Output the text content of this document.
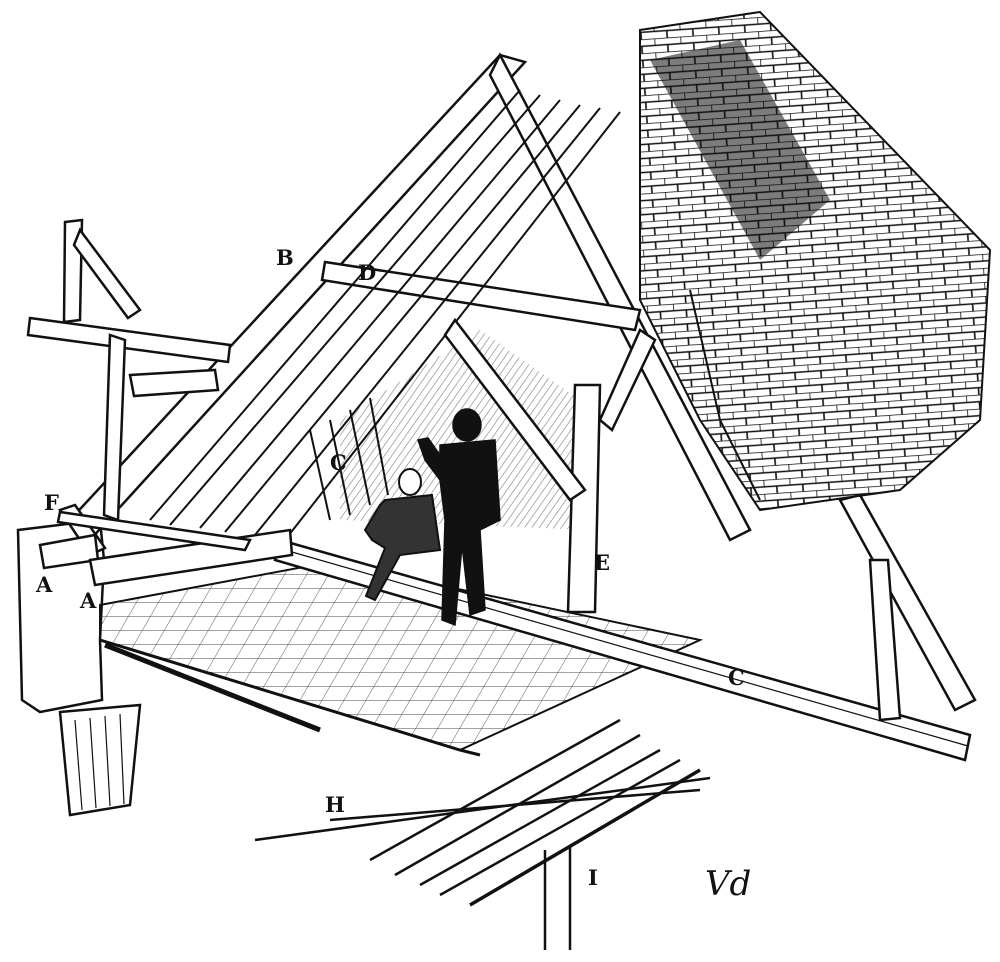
A
A
B
C
C
D
E
F
H
I	Vd
